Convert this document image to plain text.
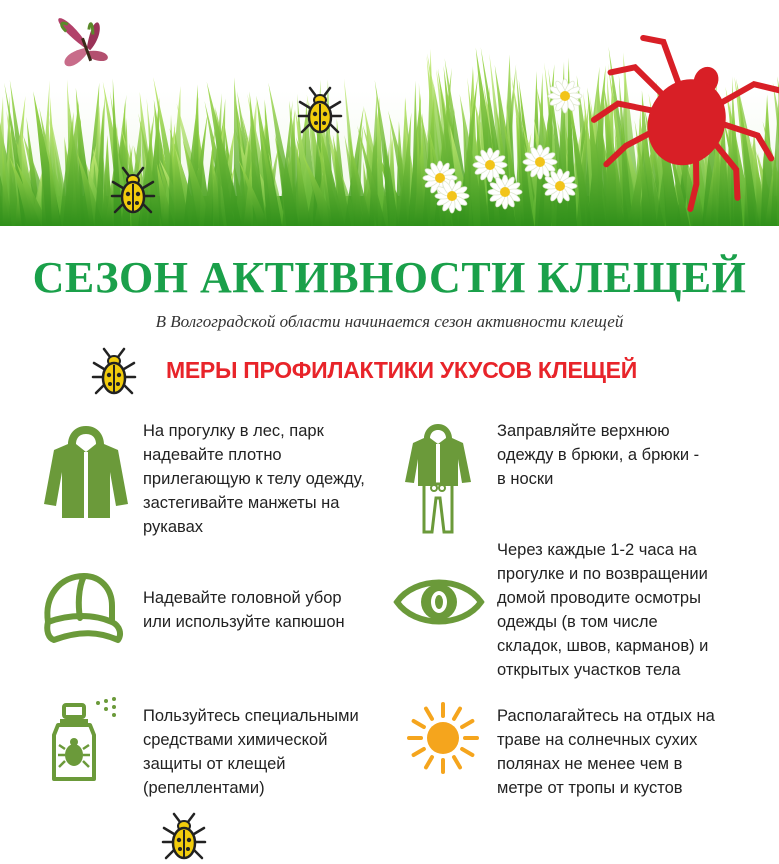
СЕЗОН АКТИВНОСТИ КЛЕЩЕЙ
В Волгоградской области начинается сезон активности клещей
МЕРЫ ПРОФИЛАКТИКИ УКУСОВ КЛЕЩЕЙ
На прогулку в лес, парк
надевайте плотно
прилегающую к телу одежду,
застегивайте манжеты на
рукавах
Заправляйте верхнюю
одежду в брюки, а брюки -
в носки
Надевайте головной убор
или используйте капюшон
Через каждые 1-2 часа на
прогулке и по возвращении
домой проводите осмотры
одежды (в том числе
складок, швов, карманов) и
открытых участков тела
Пользуйтесь специальными
средствами химической
защиты от клещей
(репеллентами)
Располагайтесь на отдых на
траве на солнечных сухих
полянах не менее чем в
метре от тропы и кустов
